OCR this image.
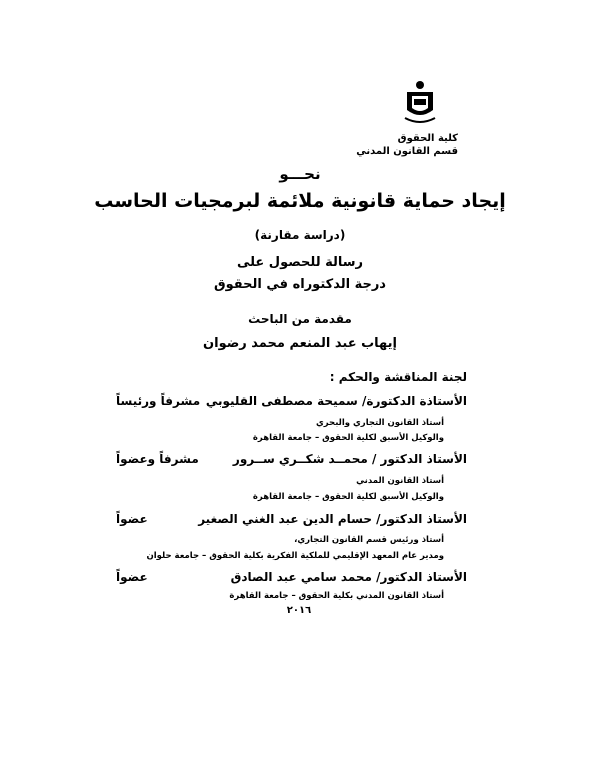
كلية الحقوق
قسم القانون المدني
نحـــو
إيجاد حماية قانونية ملائمة لبرمجيات الحاسب
(دراسة مقارنة)
رسالة للحصول على
درجة الدكتوراه في الحقوق
مقدمة من الباحث
إيهاب عبد المنعم محمد رضوان
لجنة المناقشة والحكم :
الأستاذة الدكتورة/ سميحة مصطفى القليوبي
مشرفاً ورئيساً
أستاذ القانون التجاري والبحري
والوكيل الأسبق لكلية الحقوق – جامعة القاهرة
الأستاذ الدكتور / محمــد شكــري ســرور
مشرفاً وعضواً
أستاذ القانون المدني
والوكيل الأسبق لكلية الحقوق – جامعة القاهرة
الأستاذ الدكتور/ حسام الدين عبد الغني الصغير
عضواً
أستاذ ورئيس قسم القانون التجاري،
ومدير عام المعهد الإقليمي للملكية الفكرية بكلية الحقوق – جامعة حلوان
الأستاذ الدكتور/ محمد سامي عبد الصادق
عضواً
أستاذ القانون المدني بكلية الحقوق – جامعة القاهرة
٢٠١٦
